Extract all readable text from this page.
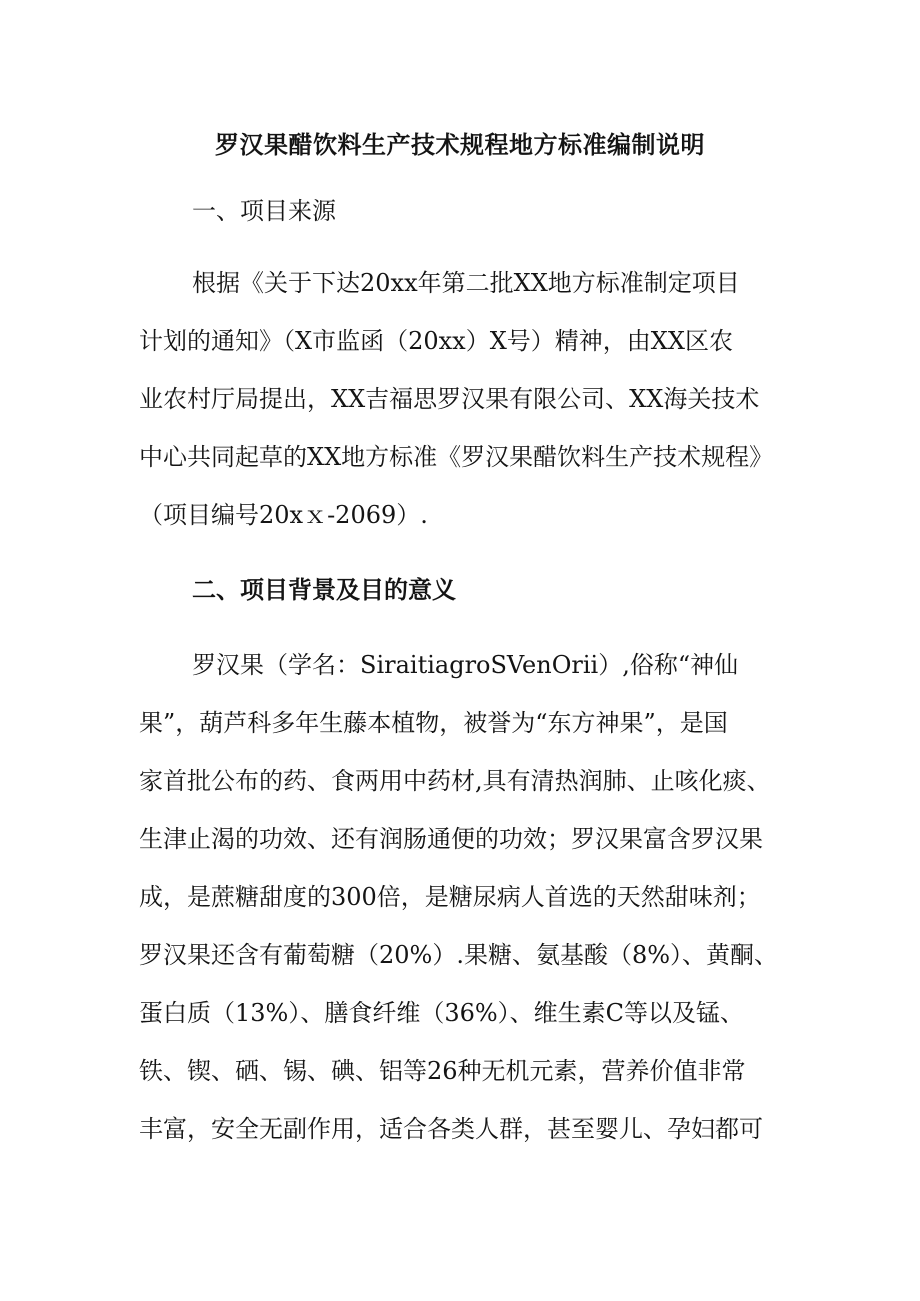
罗汉果醋饮料生产技术规程地方标准编制说明
一、项目来源
根据《关于下达20xx年第二批XX地方标准制定项目
计划的通知》（X市监函（20xx）X号）精神，由XX区农
业农村厅局提出，XX吉福思罗汉果有限公司、XX海关技术
中心共同起草的XX地方标准《罗汉果醋饮料生产技术规程》
（项目编号20xｘ-2069）.
二、项目背景及目的意义
罗汉果（学名：SiraitiagroSVenOrii）,俗称“神仙
果”，葫芦科多年生藤本植物，被誉为“东方神果”，是国
家首批公布的药、食两用中药材,具有清热润肺、止咳化痰、
生津止渴的功效、还有润肠通便的功效；罗汉果富含罗汉果
成，是蔗糖甜度的300倍，是糖尿病人首选的天然甜味剂；
罗汉果还含有葡萄糖（20%）.果糖、氨基酸（8%）、黄酮、
蛋白质（13%）、膳食纤维（36%）、维生素C等以及锰、
铁、锲、硒、锡、碘、铝等26种无机元素，营养价值非常
丰富，安全无副作用，适合各类人群，甚至婴儿、孕妇都可
